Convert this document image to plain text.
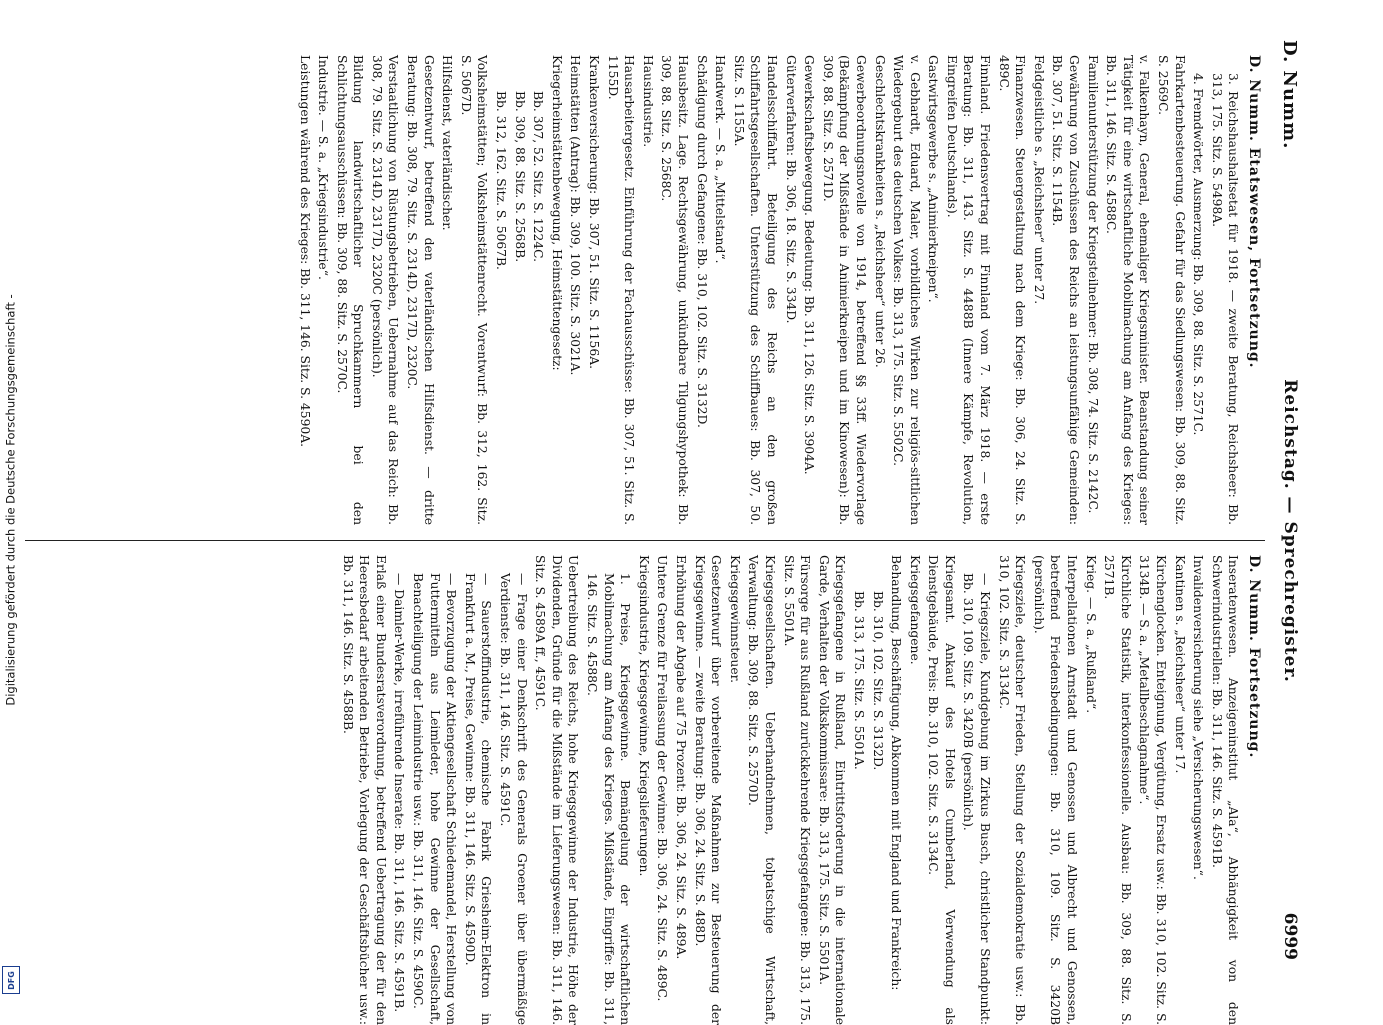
D. Numm.
Reichstag. — Sprechregister.
6999
D. Numm. Etatswesen, Fortsetzung.
3. Reichshaushaltsetat für 1918. — zweite Beratung, Reichsheer: Bb. 313, 175. Sitz. S. 5498A.
4. Fremdwörter, Ausmerzung: Bb. 309, 88. Sitz. S. 2571C.
Fahrkartenbesteuerung. Gefahr für das Siedlungswesen: Bb. 309, 88. Sitz. S. 2569C.
v. Falkenhayn, General, ehemaliger Kriegsminister. Beanstandung seiner Tätigkeit für eine wirtschaftliche Mobilmachung am Anfang des Krieges: Bb. 311, 146. Sitz. S. 4588C.
Familienunterstützung der Kriegsteilnehmer: Bb. 308, 74. Sitz. S. 2142C.
Gewährung von Zuschüssen des Reichs an leistungsunfähige Gemeinden: Bb. 307, 51. Sitz. S. 1154B.
Feldgeistliche s. „Reichsheer“ unter 27.
Finanzwesen. Steuergestaltung nach dem Kriege: Bb. 306, 24. Sitz. S. 489C.
Finnland. Friedensvertrag mit Finnland vom 7. März 1918. — erste Beratung: Bb. 311, 143. Sitz. S. 4488B (Innere Kämpfe, Revolution, Eingreifen Deutschlands).
Gastwirtsgewerbe s. „Animierkneipen“.
v. Gebhardt, Eduard, Maler, vorbildliches Wirken zur religiös-sittlichen Wiedergeburt des deutschen Volkes: Bb. 313, 175. Sitz. S. 5502C.
Geschlechtskrankheiten s. „Reichsheer“ unter 26.
Gewerbeordnungsnovelle von 1914, betreffend §§ 33ff. Wiedervorlage (Bekämpfung der Mißstände in Animierkneipen und im Kinowesen): Bb. 309, 88. Sitz. S. 2571D.
Gewerkschaftsbewegung. Bedeutung: Bb. 311, 126. Sitz. S. 3904A.
Güterverfahren: Bb. 306, 18. Sitz. S. 334D.
Handelsschiffahrt. Beteiligung des Reichs an den großen Schiffahrtsgesellschaften. Unterstützung des Schiffbaues: Bb. 307, 50. Sitz. S. 1155A.
Handwerk. — S. a. „Mittelstand“.
Schädigung durch Gefangene: Bb. 310, 102. Sitz. S. 3132D.
Hausbesitz. Lage. Rechtsgewährung, unkündbare Tilgungshypothek: Bb. 309, 88. Sitz. S. 2568C.
Hausindustrie.
Hausarbeitergesetz. Einführung der Fachausschüsse: Bb. 307, 51. Sitz. S. 1155D.
Krankenversicherung: Bb. 307, 51. Sitz. S. 1156A.
Heimstätten (Antrag): Bb. 309, 100. Sitz. S. 3021A.
Kriegerheimstättenbewegung, Heimstättengesetz:
Bb. 307, 52. Sitz. S. 1224C.
Bb. 309, 88. Sitz. S. 2568B.
Bb. 312, 162. Sitz. S. 5067B.
Volksheimstätten; Volksheimstättenrecht. Vorentwurf: Bb. 312, 162. Sitz. S. 5067D.
Hilfsdienst, vaterländischer.
Gesetzentwurf, betreffend den vaterländischen Hilfsdienst. — dritte Beratung: Bb. 308, 79. Sitz. S. 2314D, 2317D, 2320C.
Verstaatlichung von Rüstungsbetrieben, Uebernahme auf das Reich: Bb. 308, 79. Sitz. S. 2314D, 2317D, 2320C (persönlich).
Bildung landwirtschaftlicher Spruchkammern bei den Schlichtungsausschüssen: Bb. 309, 88. Sitz. S. 2570C.
Industrie. — S. a. „Kriegsindustrie“.
Leistungen während des Krieges: Bb. 311, 146. Sitz. S. 4590A.
D. Numm. Fortsetzung.
Inseratenwesen. Anzeigeninstitut „Ala“, Abhängigkeit von den Schwerindustriellen: Bb. 311, 146. Sitz. S. 4591B.
Invalidenversicherung siehe „Versicherungswesen“.
Kantinen s. „Reichsheer“ unter 17.
Kirchenglocken. Enteignung, Vergütung, Ersatz usw.: Bb. 310, 102. Sitz. S. 3134B. — S. a. „Metallbeschlagnahme“.
Kirchliche Statistik, interkonfessionelle. Ausbau: Bb. 309, 88. Sitz. S. 2571B.
Krieg. — S. a. „Rußland“.
Interpellationen Arnstadt und Genossen und Albrecht und Genossen, betreffend Friedensbedingungen: Bb. 310, 109. Sitz. S. 3420B (persönlich).
Kriegsziele, deutscher Frieden, Stellung der Sozialdemokratie usw.: Bb. 310, 102. Sitz. S. 3134C.
— Kriegsziele, Kundgebung im Zirkus Busch, christlicher Standpunkt: Bb. 310, 109. Sitz. S. 3420B (persönlich).
Kriegsamt. Ankauf des Hotels Cumberland, Verwendung als Dienstgebäude, Preis: Bb. 310, 102. Sitz. S. 3134C.
Kriegsgefangene.
Behandlung, Beschäftigung, Abkommen mit England und Frankreich:
Bb. 310, 102. Sitz. S. 3132D.
Bb. 313, 175. Sitz. S. 5501A.
Kriegsgefangene in Rußland, Eintrittsforderung in die internationale Garde, Verhalten der Volkskommissare: Bb. 313, 175. Sitz. S. 5501A.
Fürsorge für aus Rußland zurückkehrende Kriegsgefangene: Bb. 313, 175. Sitz. S. 5501A.
Kriegsgesellschaften. Ueberhandnehmen, tolpatschige Wirtschaft, Verwaltung: Bb. 309, 88. Sitz. S. 2570D.
Kriegsgewinnsteuer.
Gesetzentwurf über vorbereitende Maßnahmen zur Besteuerung der Kriegsgewinne. — zweite Beratung: Bb. 306, 24. Sitz. S. 488D.
Erhöhung der Abgabe auf 75 Prozent: Bb. 306, 24. Sitz. S. 489A.
Untere Grenze für Freilassung der Gewinne: Bb. 306, 24. Sitz. S. 489C.
Kriegsindustrie, Kriegsgewinne, Kriegslieferungen.
1. Preise, Kriegsgewinne. Bemängelung der wirtschaftlichen Mobilmachung am Anfang des Krieges. Mißstände, Eingriffe: Bb. 311, 146. Sitz. S. 4588C.
Uebertreibung des Reichs, hohe Kriegsgewinne der Industrie, Höhe der Dividenden, Gründe für die Mißstände im Lieferungswesen: Bb. 311, 146. Sitz. S. 4589A ff., 4591C.
— Frage einer Denkschrift des Generals Groener über übermäßige Verdienste: Bb. 311, 146. Sitz. S. 4591C.
— Sauerstoffindustrie, chemische Fabrik Griesheim-Elektron in Frankfurt a. M., Preise, Gewinne: Bb. 311, 146. Sitz. S. 4590D.
— Bevorzugung der Aktiengesellschaft Schiedemandel, Herstellung von Futtermitteln aus Leimleder, hohe Gewinne der Gesellschaft, Benachteiligung der Leimindustrie usw.: Bb. 311, 146. Sitz. S. 4590C.
— Daimler-Werke, irreführende Inserate: Bb. 311, 146. Sitz. S. 4591B.
Erlaß einer Bundesratsverordnung, betreffend Uebertragung der für den Heeresbedarf arbeitenden Betriebe, Vorlegung der Geschäftsbücher usw.: Bb. 311, 146. Sitz. S. 4588B.
Digitalisierung gefördert durch die Deutsche Forschungsgemeinschaft -
DFG
